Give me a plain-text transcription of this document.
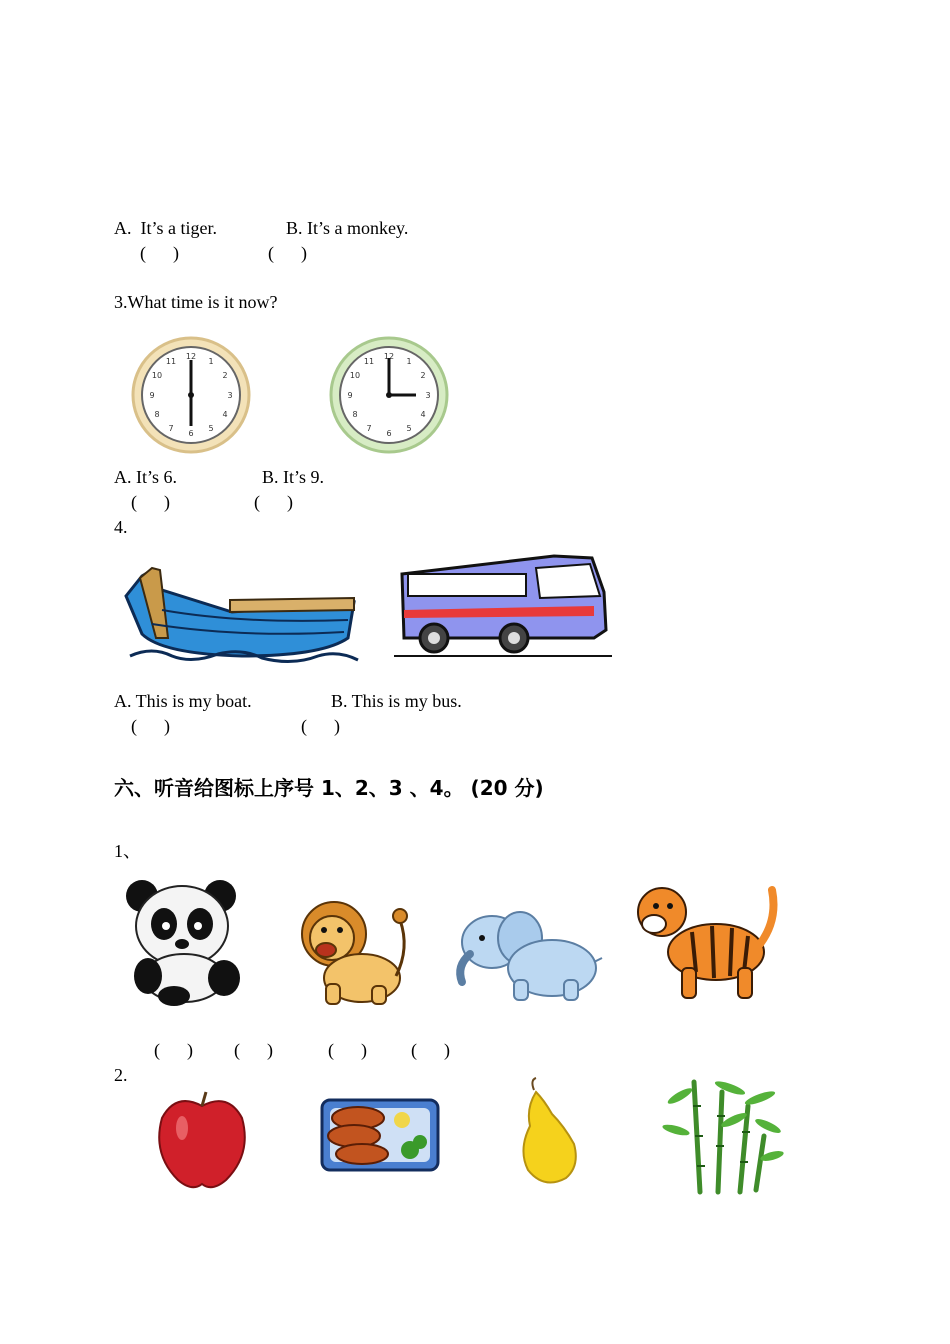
A.  It’s a tiger.	B. It’s a monkey.
(      )	(      )
3.What time is it now?
12
1
2
3
4
5
6
7
8
9
10
11
12
1
2
3
4
5
6
7
8
9
10
11
A. It’s 6.	B. It’s 9.
(      )	(      )
4.
A. This is my boat.	B. This is my bus.
(      )	(      )
六、听音给图标上序号 1、2、3 、4。 (20 分)
1、
(      ) (      )	(      ) (      )
2.
